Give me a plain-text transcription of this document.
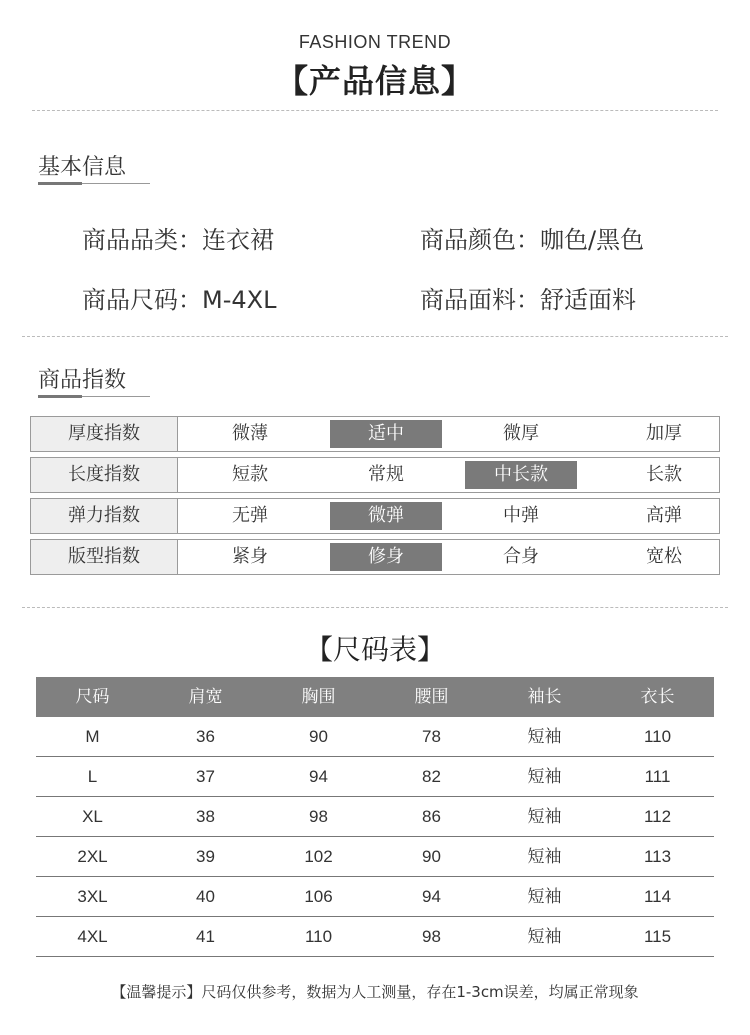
FASHION TREND
【产品信息】
基本信息
商品品类：连衣裙	商品颜色：咖色/黑色
商品尺码：M-4XL	商品面料：舒适面料
商品指数
厚度指数	微薄	适中	微厚	加厚
长度指数	短款	常规	中长款	长款
弹力指数	无弹	微弹	中弹	高弹
版型指数	紧身	修身	合身	宽松
【尺码表】
尺码	肩宽	胸围	腰围	袖长	衣长
M	36	90	78	短袖	110
L	37	94	82	短袖	111
XL	38	98	86	短袖	112
2XL	39	102	90	短袖	113
3XL	40	106	94	短袖	114
4XL	41	110	98	短袖	115
【温馨提示】尺码仅供参考，数据为人工测量，存在1-3cm误差，均属正常现象
